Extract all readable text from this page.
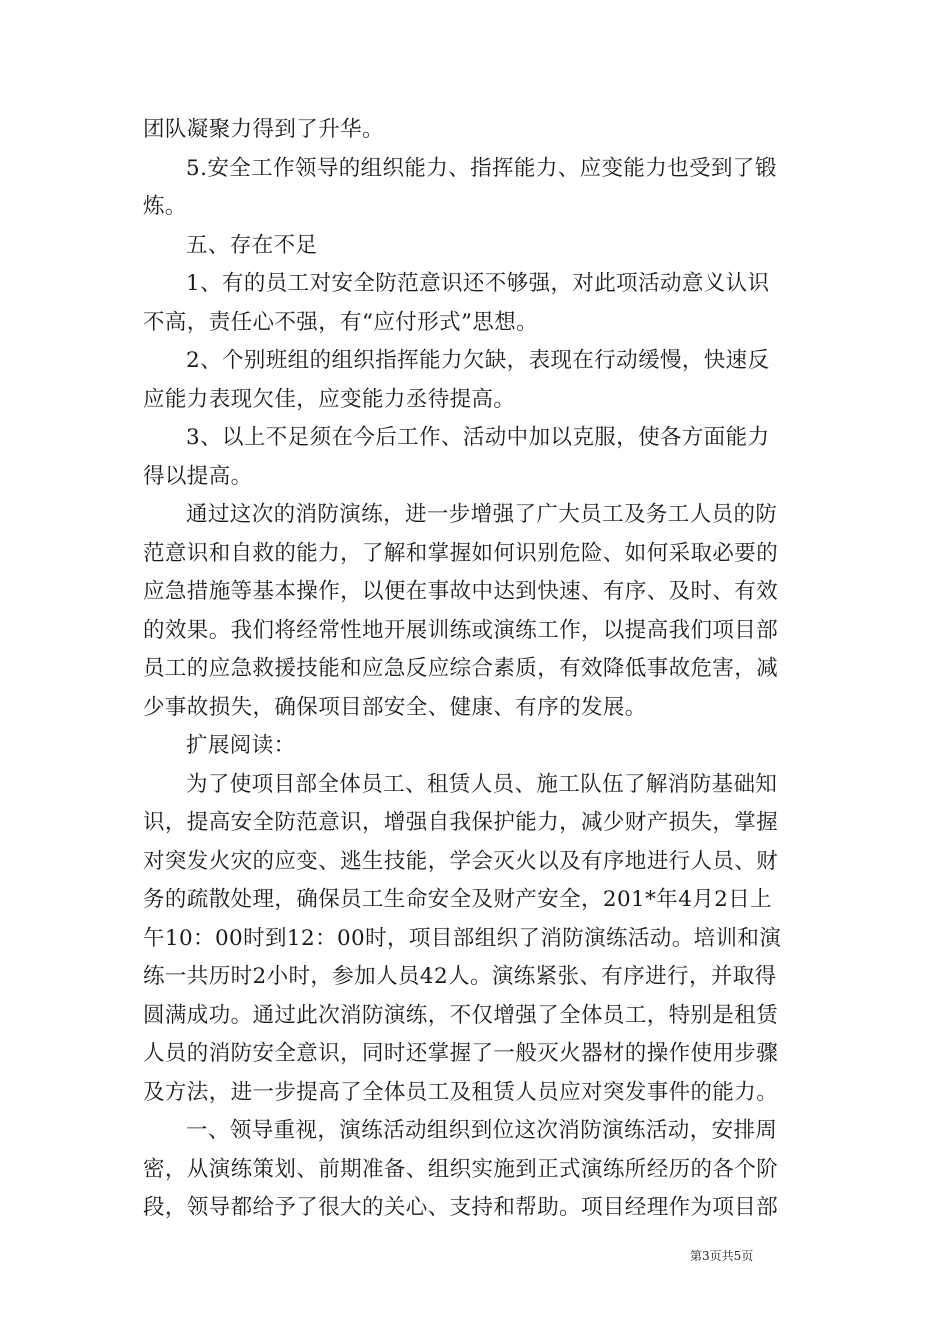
团队凝聚力得到了升华。

5.安全工作领导的组织能力、指挥能力、应变能力也受到了锻

炼。

五、存在不足

1、有的员工对安全防范意识还不够强，对此项活动意义认识

不高，责任心不强，有“应付形式”思想。

2、个别班组的组织指挥能力欠缺，表现在行动缓慢，快速反

应能力表现欠佳，应变能力丞待提高。

3、以上不足须在今后工作、活动中加以克服，使各方面能力

得以提高。

通过这次的消防演练，进一步增强了广大员工及务工人员的防

范意识和自救的能力，了解和掌握如何识别危险、如何采取必要的

应急措施等基本操作，以便在事故中达到快速、有序、及时、有效

的效果。我们将经常性地开展训练或演练工作，以提高我们项目部

员工的应急救援技能和应急反应综合素质，有效降低事故危害，减

少事故损失，确保项目部安全、健康、有序的发展。

扩展阅读：

为了使项目部全体员工、租赁人员、施工队伍了解消防基础知

识，提高安全防范意识，增强自我保护能力，减少财产损失，掌握

对突发火灾的应变、逃生技能，学会灭火以及有序地进行人员、财

务的疏散处理，确保员工生命安全及财产安全，201*年4月2日上

午10：00时到12：00时，项目部组织了消防演练活动。培训和演

练一共历时2小时，参加人员42人。演练紧张、有序进行，并取得

圆满成功。通过此次消防演练，不仅增强了全体员工，特别是租赁

人员的消防安全意识，同时还掌握了一般灭火器材的操作使用步骤

及方法，进一步提高了全体员工及租赁人员应对突发事件的能力。

一、领导重视，演练活动组织到位这次消防演练活动，安排周

密，从演练策划、前期准备、组织实施到正式演练所经历的各个阶

段，领导都给予了很大的关心、支持和帮助。项目经理作为项目部

第3页共5页
